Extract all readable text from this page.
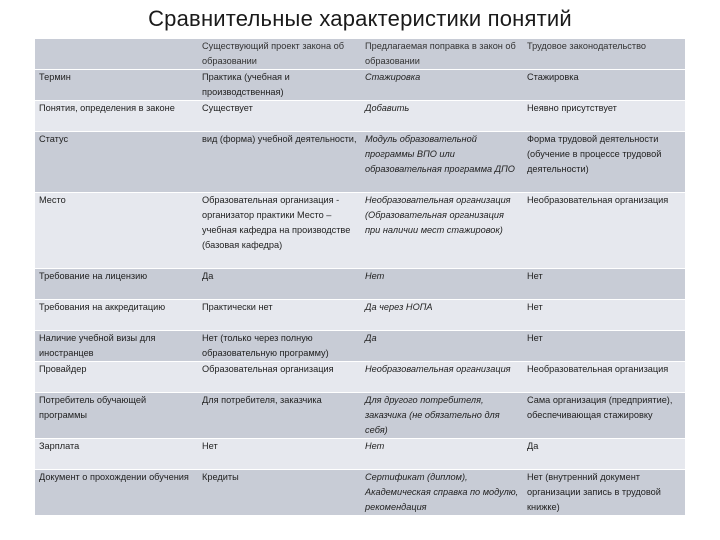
Сравнительные характеристики понятий
	Существующий проект закона об образовании	Предлагаемая поправка в закон об образовании	Трудовое законодательство
Термин	Практика (учебная и производственная)	Стажировка	Стажировка
Понятия, определения в законе	Существует	Добавить	Неявно присутствует
Статус	вид (форма) учебной деятельности,	Модуль образовательной программы ВПО или образовательная программа ДПО	Форма трудовой деятельности (обучение в процессе трудовой деятельности)
Место	Образовательная организация - организатор практики Место – учебная кафедра на производстве (базовая кафедра)	Необразовательная организация (Образовательная организация при наличии мест стажировок)	Необразовательная организация
Требование на лицензию	Да	Нет	Нет
Требования на аккредитацию	Практически нет	Да через НОПА	Нет
Наличие учебной визы для иностранцев	Нет (только через полную образовательную программу)	Да	Нет
Провайдер	Образовательная организация	Необразовательная организация	Необразовательная организация
Потребитель обучающей программы	Для потребителя, заказчика	Для другого потребителя, заказчика (не обязательно для себя)	Сама организация (предприятие), обеспечивающая стажировку
Зарплата	Нет	Нет	Да
Документ о прохождении обучения	Кредиты	Сертификат (диплом), Академическая справка по модулю, рекомендация	Нет (внутренний документ организации запись в трудовой книжке)
